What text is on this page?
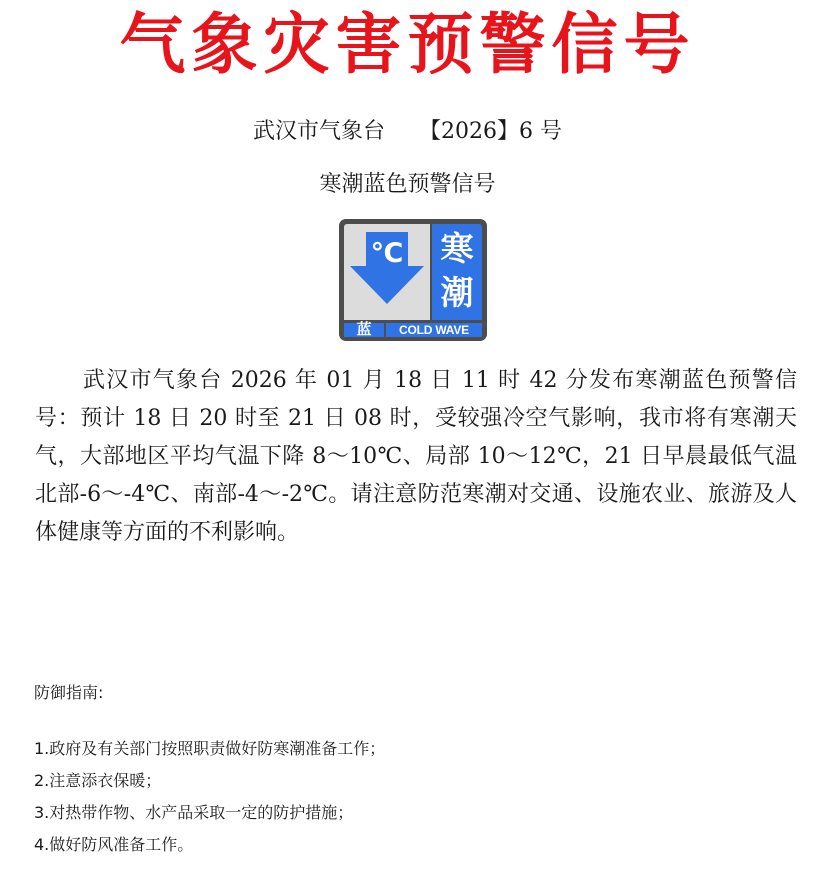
气象灾害预警信号
武汉市气象台 【2026】6 号
寒潮蓝色预警信号
℃ 寒
潮
蓝	COLD WAVE
武汉市气象台 2026 年 01 月 18 日 11 时 42 分发布寒潮蓝色预警信号：预计 18 日 20 时至 21 日 08 时，受较强冷空气影响，我市将有寒潮天气，大部地区平均气温下降 8～10℃、局部 10～12℃，21 日早晨最低气温北部-6～-4℃、南部-4～-2℃。请注意防范寒潮对交通、设施农业、旅游及人体健康等方面的不利影响。
防御指南:
1.政府及有关部门按照职责做好防寒潮准备工作；
2.注意添衣保暖；
3.对热带作物、水产品采取一定的防护措施；
4.做好防风准备工作。
